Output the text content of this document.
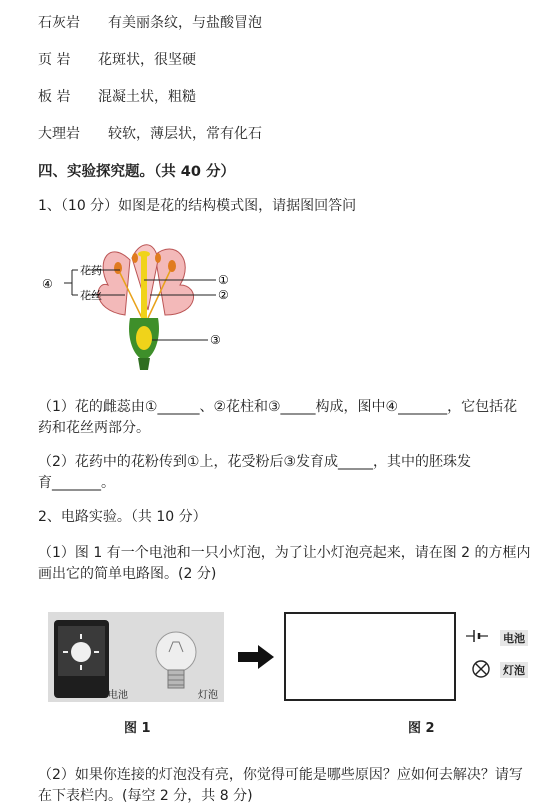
石灰岩 有美丽条纹，与盐酸冒泡
页 岩 花斑状，很坚硬
板 岩 混凝土状，粗糙
大理岩 较软，薄层状，常有化石
四、实验探究题。（共 40 分）
1、（10 分）如图是花的结构模式图，请据图回答问
④
花药
花丝
①
②
③
（1）花的雌蕊由①______、②花柱和③_____构成，图中④_______，它包括花
药和花丝两部分。
（2）花药中的花粉传到①上，花受粉后③发育成_____，其中的胚珠发
育_______。
2、电路实验。（共 10 分）
（1）图 1 有一个电池和一只小灯泡，为了让小灯泡亮起来，请在图 2 的方框内
画出它的简单电路图。(2 分)
电池	灯泡
图 1	图 2
电池
灯泡
（2）如果你连接的灯泡没有亮，你觉得可能是哪些原因？应如何去解决？请写
在下表栏内。(每空 2 分，共 8 分)
